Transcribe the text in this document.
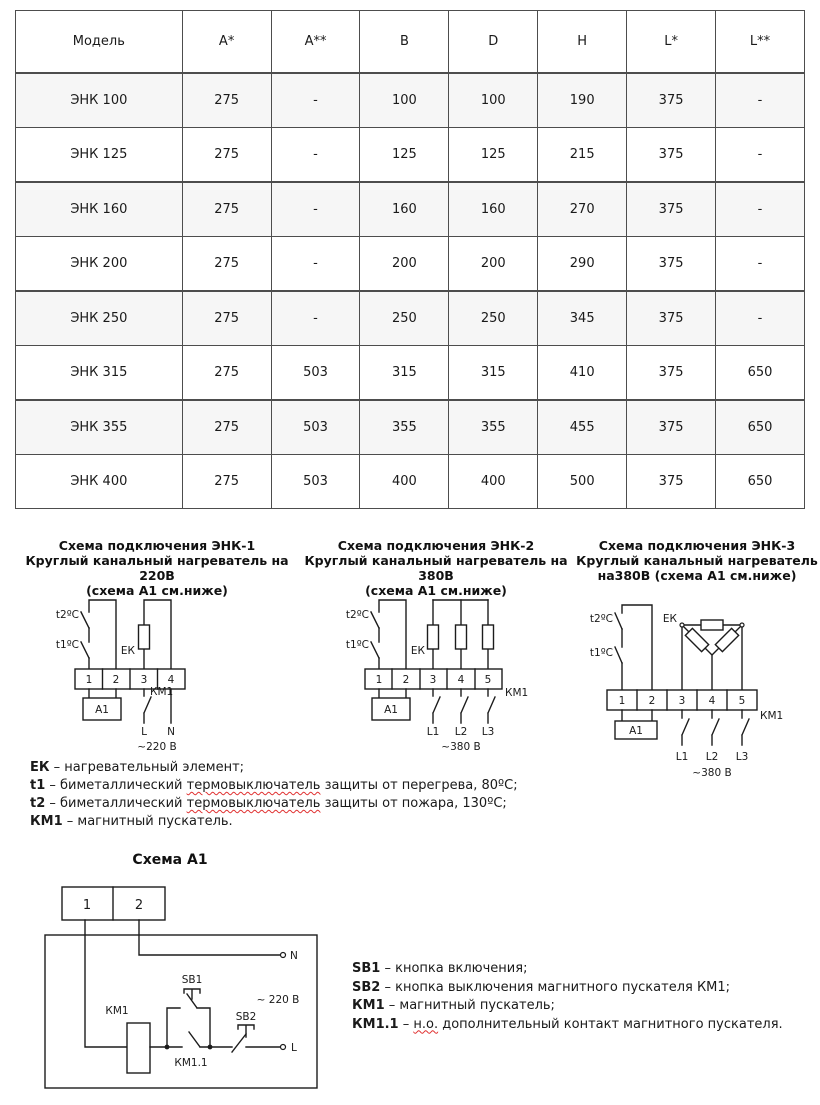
Модель	A*	A**	B	D	H	L*	L**
ЭНК 100	275	-	100	100	190	375	-
ЭНК 125	275	-	125	125	215	375	-
ЭНК 160	275	-	160	160	270	375	-
ЭНК 200	275	-	200	200	290	375	-
ЭНК 250	275	-	250	250	345	375	-
ЭНК 315	275	503	315	315	410	375	650
ЭНК 355	275	503	355	355	455	375	650
ЭНК 400	275	503	400	400	500	375	650
Схема подключения ЭНК-1
Круглый канальный нагреватель на 220В
(схема А1 см.ниже)
Схема подключения ЭНК-2
Круглый канальный нагреватель на 380В
(схема А1 см.ниже)
Схема подключения ЭНК-3
Круглый канальный нагреватель
на380В (схема А1 см.ниже)
1 2 3 4
А1
t2ºC
t1ºC	ЕК
КМ1
L N
~220 В
1 2 3 4 5
А1
t2ºC
t1ºC	ЕК
КМ1
L1 L2 L3
~380 В
1 2 3 4 5
А1
t2ºC
t1ºC
ЕК
КМ1
L1 L2 L3
~380 В
ЕК – нагревательный элемент;
t1 – биметаллический термовыключатель защиты от перегрева, 80ºС;
t2 – биметаллический термовыключатель защиты от пожара, 130ºС;
КМ1 – магнитный пускатель.
Схема А1
1	2
N
L
SB1
SB2
КМ1
КМ1.1
~ 220 В
SB1 – кнопка включения;
SB2 – кнопка выключения магнитного пускателя КМ1;
КМ1 – магнитный пускатель;
КМ1.1 – н.о. дополнительный контакт магнитного пускателя.
